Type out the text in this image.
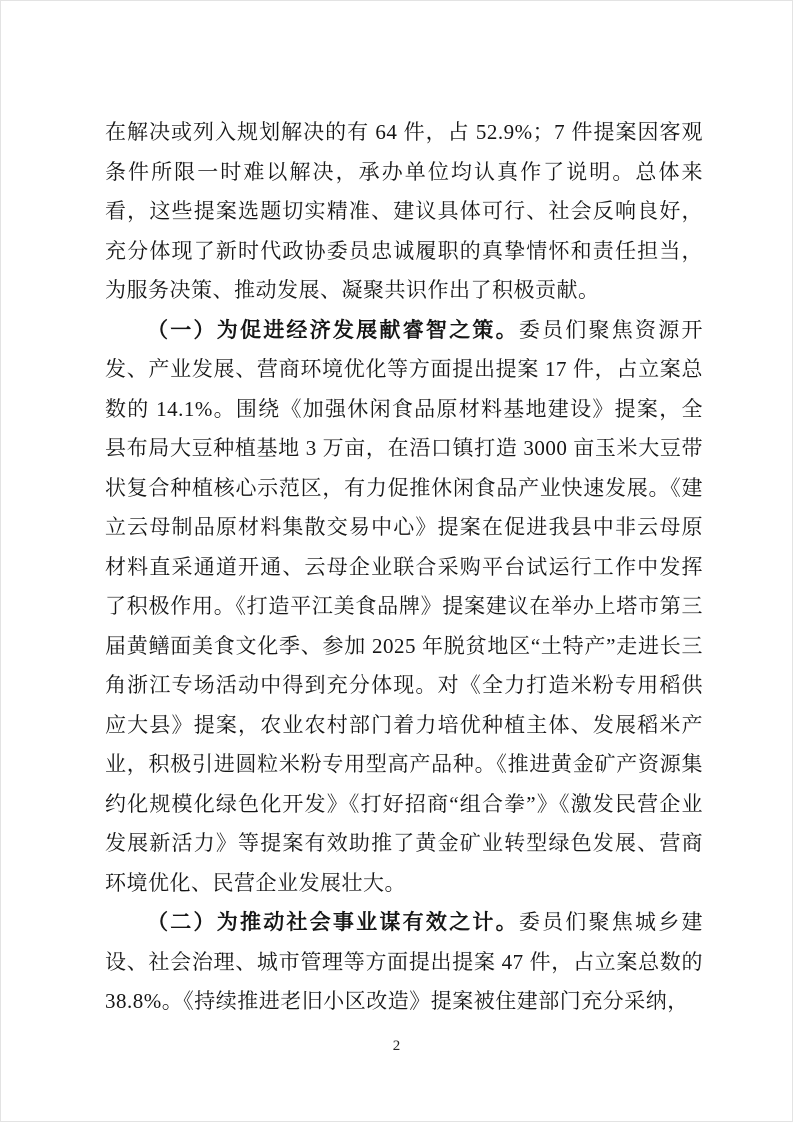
在解决或列入规划解决的有 64 件，占 52.9%；7 件提案因客观条件所限一时难以解决，承办单位均认真作了说明。总体来看，这些提案选题切实精准、建议具体可行、社会反响良好，充分体现了新时代政协委员忠诚履职的真挚情怀和责任担当，为服务决策、推动发展、凝聚共识作出了积极贡献。

（一）为促进经济发展献睿智之策。委员们聚焦资源开发、产业发展、营商环境优化等方面提出提案 17 件，占立案总数的 14.1%。围绕《加强休闲食品原材料基地建设》提案，全县布局大豆种植基地 3 万亩，在浯口镇打造 3000 亩玉米大豆带状复合种植核心示范区，有力促推休闲食品产业快速发展。《建立云母制品原材料集散交易中心》提案在促进我县中非云母原材料直采通道开通、云母企业联合采购平台试运行工作中发挥了积极作用。《打造平江美食品牌》提案建议在举办上塔市第三届黄鳝面美食文化季、参加 2025 年脱贫地区“土特产”走进长三角浙江专场活动中得到充分体现。对《全力打造米粉专用稻供应大县》提案，农业农村部门着力培优种植主体、发展稻米产业，积极引进圆粒米粉专用型高产品种。《推进黄金矿产资源集约化规模化绿色化开发》《打好招商“组合拳”》《激发民营企业发展新活力》等提案有效助推了黄金矿业转型绿色发展、营商环境优化、民营企业发展壮大。

（二）为推动社会事业谋有效之计。委员们聚焦城乡建设、社会治理、城市管理等方面提出提案 47 件，占立案总数的 38.8%。《持续推进老旧小区改造》提案被住建部门充分采纳，

2
